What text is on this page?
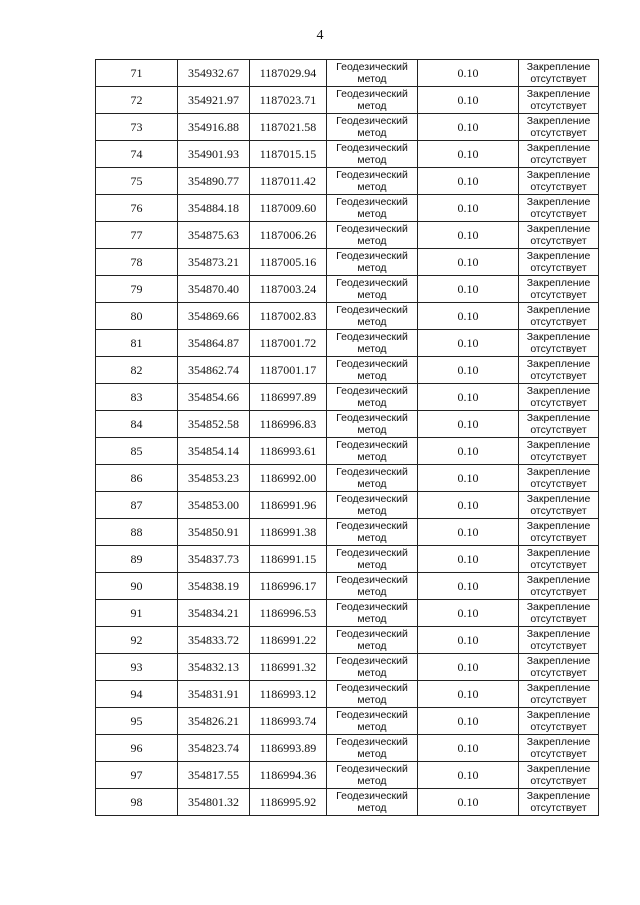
4
71	354932.67	1187029.94	Геодезический метод	0.10	Закрепление отсутствует
72	354921.97	1187023.71	Геодезический метод	0.10	Закрепление отсутствует
73	354916.88	1187021.58	Геодезический метод	0.10	Закрепление отсутствует
74	354901.93	1187015.15	Геодезический метод	0.10	Закрепление отсутствует
75	354890.77	1187011.42	Геодезический метод	0.10	Закрепление отсутствует
76	354884.18	1187009.60	Геодезический метод	0.10	Закрепление отсутствует
77	354875.63	1187006.26	Геодезический метод	0.10	Закрепление отсутствует
78	354873.21	1187005.16	Геодезический метод	0.10	Закрепление отсутствует
79	354870.40	1187003.24	Геодезический метод	0.10	Закрепление отсутствует
80	354869.66	1187002.83	Геодезический метод	0.10	Закрепление отсутствует
81	354864.87	1187001.72	Геодезический метод	0.10	Закрепление отсутствует
82	354862.74	1187001.17	Геодезический метод	0.10	Закрепление отсутствует
83	354854.66	1186997.89	Геодезический метод	0.10	Закрепление отсутствует
84	354852.58	1186996.83	Геодезический метод	0.10	Закрепление отсутствует
85	354854.14	1186993.61	Геодезический метод	0.10	Закрепление отсутствует
86	354853.23	1186992.00	Геодезический метод	0.10	Закрепление отсутствует
87	354853.00	1186991.96	Геодезический метод	0.10	Закрепление отсутствует
88	354850.91	1186991.38	Геодезический метод	0.10	Закрепление отсутствует
89	354837.73	1186991.15	Геодезический метод	0.10	Закрепление отсутствует
90	354838.19	1186996.17	Геодезический метод	0.10	Закрепление отсутствует
91	354834.21	1186996.53	Геодезический метод	0.10	Закрепление отсутствует
92	354833.72	1186991.22	Геодезический метод	0.10	Закрепление отсутствует
93	354832.13	1186991.32	Геодезический метод	0.10	Закрепление отсутствует
94	354831.91	1186993.12	Геодезический метод	0.10	Закрепление отсутствует
95	354826.21	1186993.74	Геодезический метод	0.10	Закрепление отсутствует
96	354823.74	1186993.89	Геодезический метод	0.10	Закрепление отсутствует
97	354817.55	1186994.36	Геодезический метод	0.10	Закрепление отсутствует
98	354801.32	1186995.92	Геодезический метод	0.10	Закрепление отсутствует
